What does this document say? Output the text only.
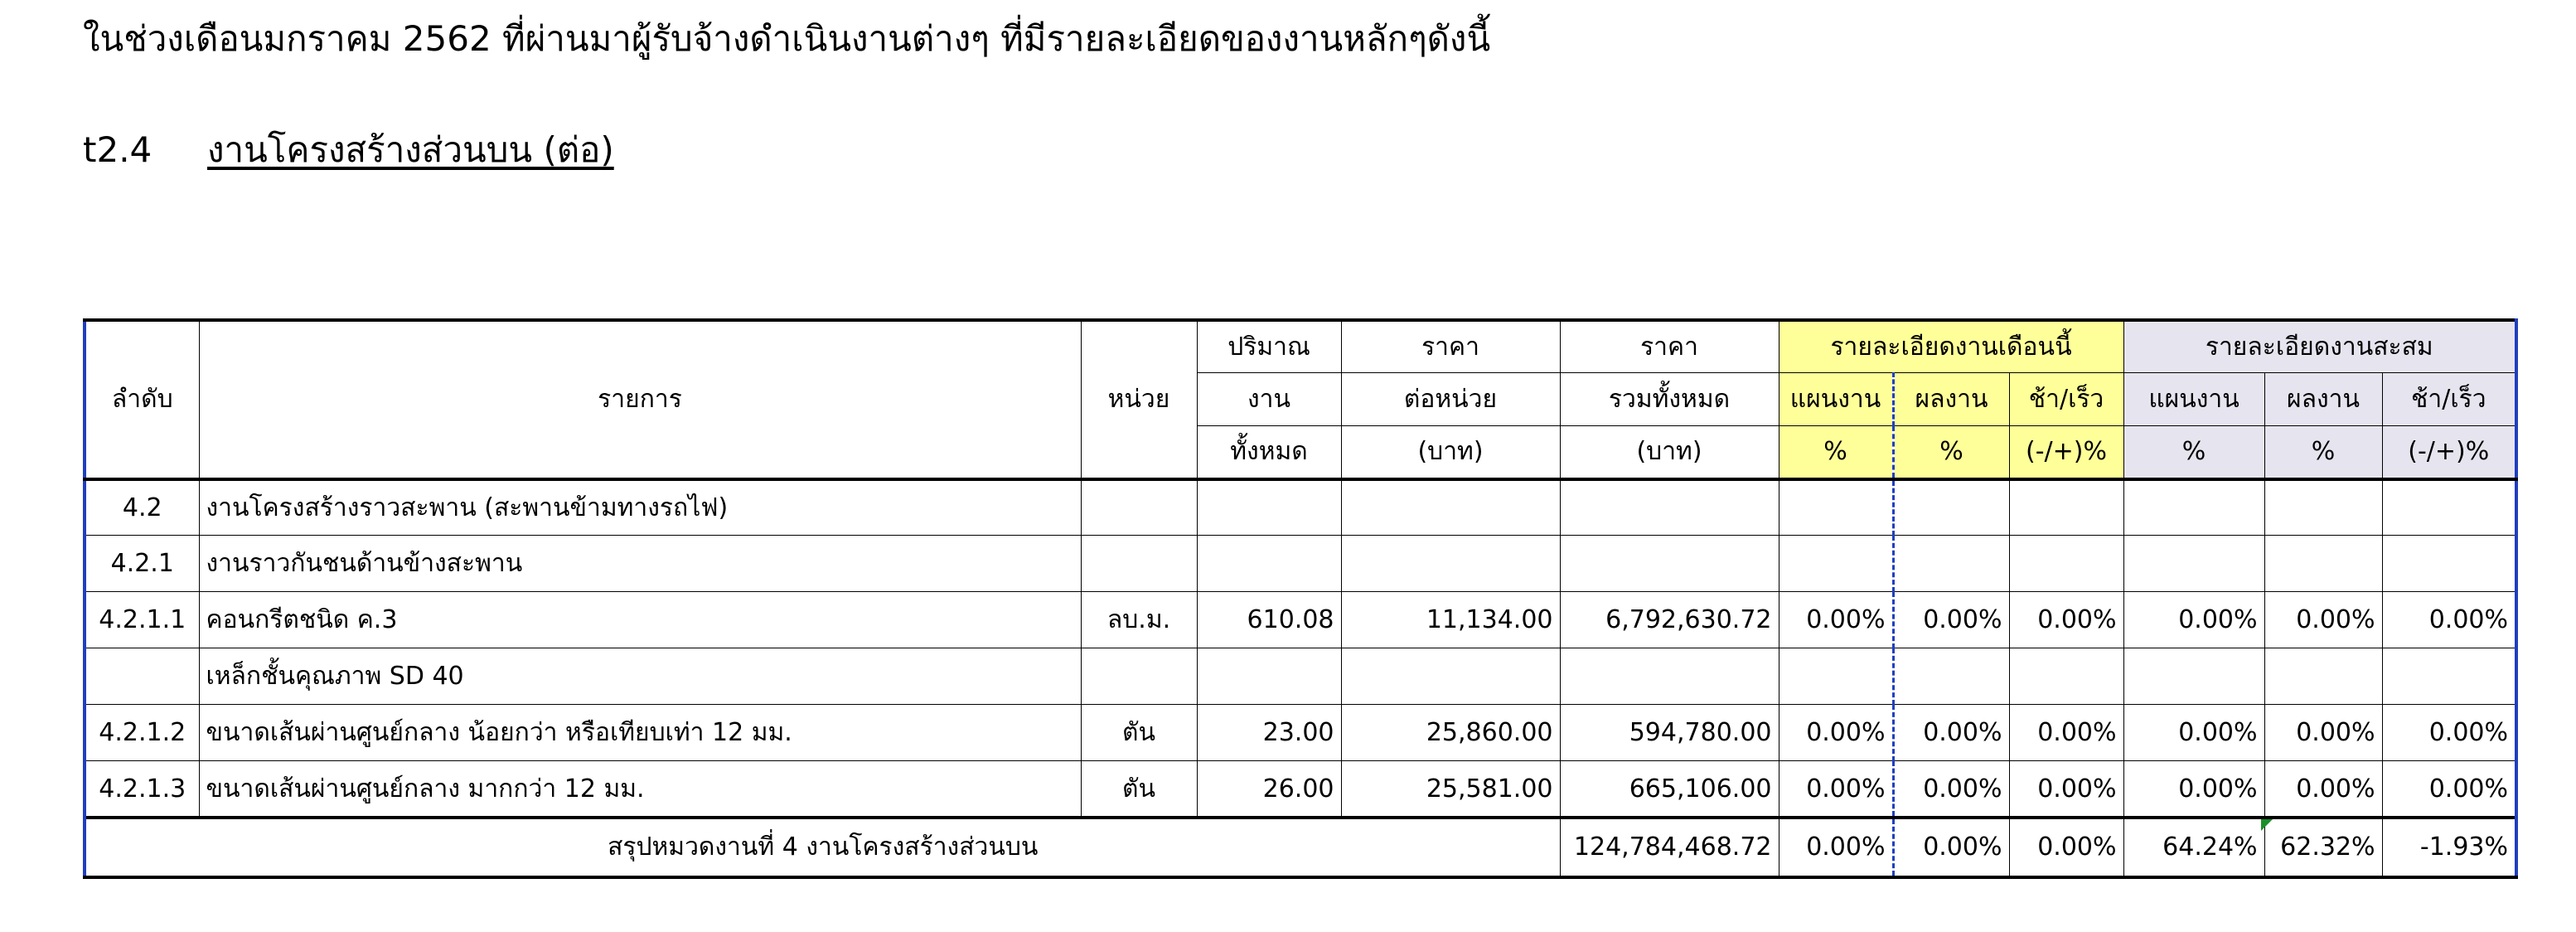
ในช่วงเดือนมกราคม 2562 ที่ผ่านมาผู้รับจ้างดำเนินงานต่างๆ ที่มีรายละเอียดของงานหลักๆดังนี้
t2.4 งานโครงสร้างส่วนบน (ต่อ)
ลำดับ	รายการ	หน่วย	ปริมาณ	ราคา	ราคา	รายละเอียดงานเดือนนี้			รายละเอียดงานสะสม		
			งาน	ต่อหน่วย	รวมทั้งหมด	แผนงาน	ผลงาน	ช้า/เร็ว	แผนงาน	ผลงาน	ช้า/เร็ว
			ทั้งหมด	(บาท)	(บาท)	%	%	(-/+)%	%	%	(-/+)%
4.2	งานโครงสร้างราวสะพาน (สะพานข้ามทางรถไฟ)										
4.2.1	งานราวกันชนด้านข้างสะพาน										
4.2.1.1	คอนกรีตชนิด ค.3	ลบ.ม.	610.08	11,134.00	6,792,630.72	0.00%	0.00%	0.00%	0.00%	0.00%	0.00%
	เหล็กชั้นคุณภาพ SD 40										
4.2.1.2	ขนาดเส้นผ่านศูนย์กลาง น้อยกว่า หรือเทียบเท่า 12 มม.	ตัน	23.00	25,860.00	594,780.00	0.00%	0.00%	0.00%	0.00%	0.00%	0.00%
4.2.1.3	ขนาดเส้นผ่านศูนย์กลาง มากกว่า 12 มม.	ตัน	26.00	25,581.00	665,106.00	0.00%	0.00%	0.00%	0.00%	0.00%	0.00%
สรุปหมวดงานที่ 4 งานโครงสร้างส่วนบน					124,784,468.72	0.00%	0.00%	0.00%	64.24%	62.32%	-1.93%
